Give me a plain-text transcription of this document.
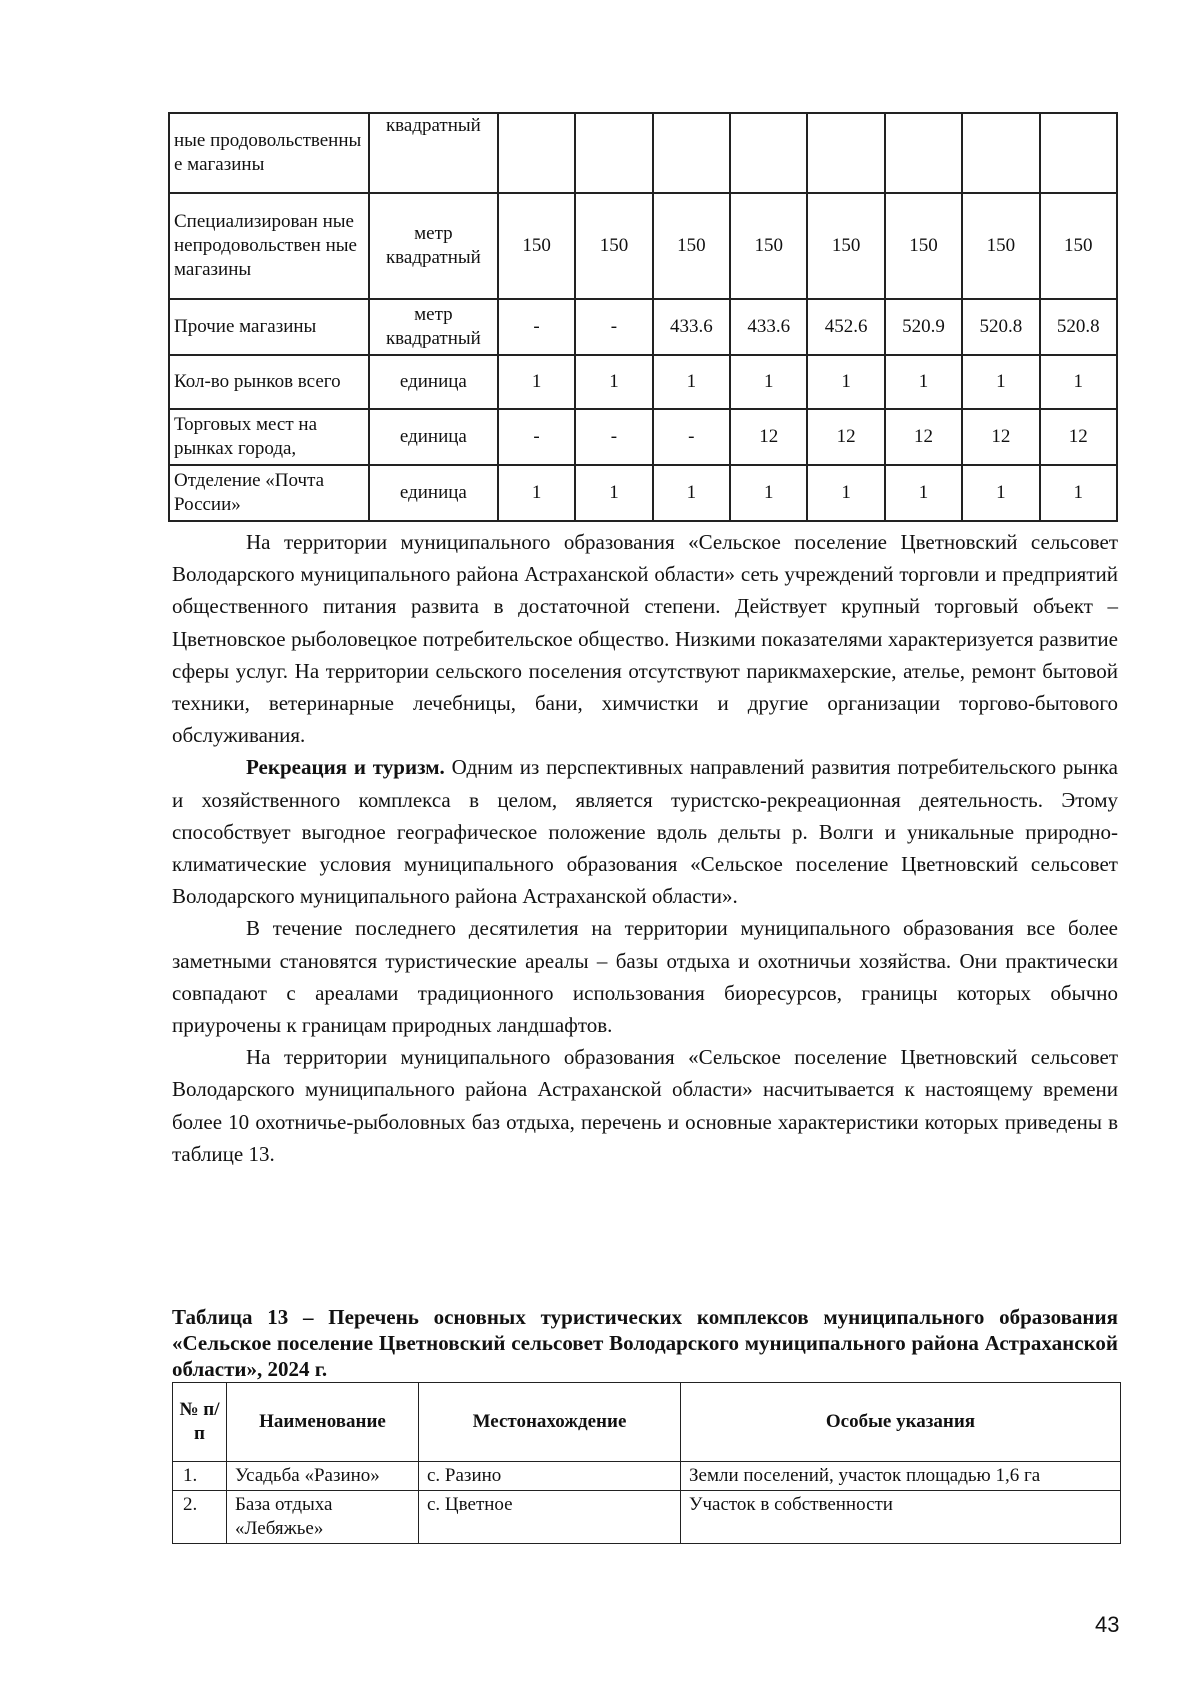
ные продовольственны е магазины	квадратный								
Специализирован ные непродовольствен ные магазины	метр квадратный	150	150	150	150	150	150	150	150
Прочие магазины	метр квадратный	-	-	433.6	433.6	452.6	520.9	520.8	520.8
Кол-во рынков всего	единица	1	1	1	1	1	1	1	1
Торговых мест на рынках города,	единица	-	-	-	12	12	12	12	12
Отделение «Почта России»	единица	1	1	1	1	1	1	1	1

На территории муниципального образования «Сельское поселение Цветновский сельсовет Володарского муниципального района Астраханской области» сеть учреждений торговли и предприятий общественного питания развита в достаточной степени. Действует крупный торговый объект – Цветновское рыболовецкое потребительское общество. Низкими показателями характеризуется развитие сферы услуг. На территории сельского поселения отсутствуют парикмахерские, ателье, ремонт бытовой техники, ветеринарные лечебницы, бани, химчистки и другие организации торгово-бытового обслуживания.

Рекреация и туризм. Одним из перспективных направлений развития потребительского рынка и хозяйственного комплекса в целом, является туристско-рекреационная деятельность. Этому способствует выгодное географическое положение вдоль дельты р. Волги и уникальные природно-климатические условия муниципального образования «Сельское поселение Цветновский сельсовет Володарского муниципального района Астраханской области».

В течение последнего десятилетия на территории муниципального образования все более заметными становятся туристические ареалы – базы отдыха и охотничьи хозяйства. Они практически совпадают с ареалами традиционного использования биоресурсов, границы которых обычно приурочены к границам природных ландшафтов.

На территории муниципального образования «Сельское поселение Цветновский сельсовет Володарского муниципального района Астраханской области» насчитывается к настоящему времени более 10 охотничье-рыболовных баз отдыха, перечень и основные характеристики которых приведены в таблице 13.

Таблица 13 – Перечень основных туристических комплексов муниципального образования «Сельское поселение Цветновский сельсовет Володарского муниципального района Астраханской области», 2024 г.
№ п/ п	Наименование	Местонахождение	Особые указания
1.	Усадьба «Разино»	с. Разино	Земли поселений, участок площадью 1,6 га
2.	База отдыха «Лебяжье»	с. Цветное	Участок в собственности
43
